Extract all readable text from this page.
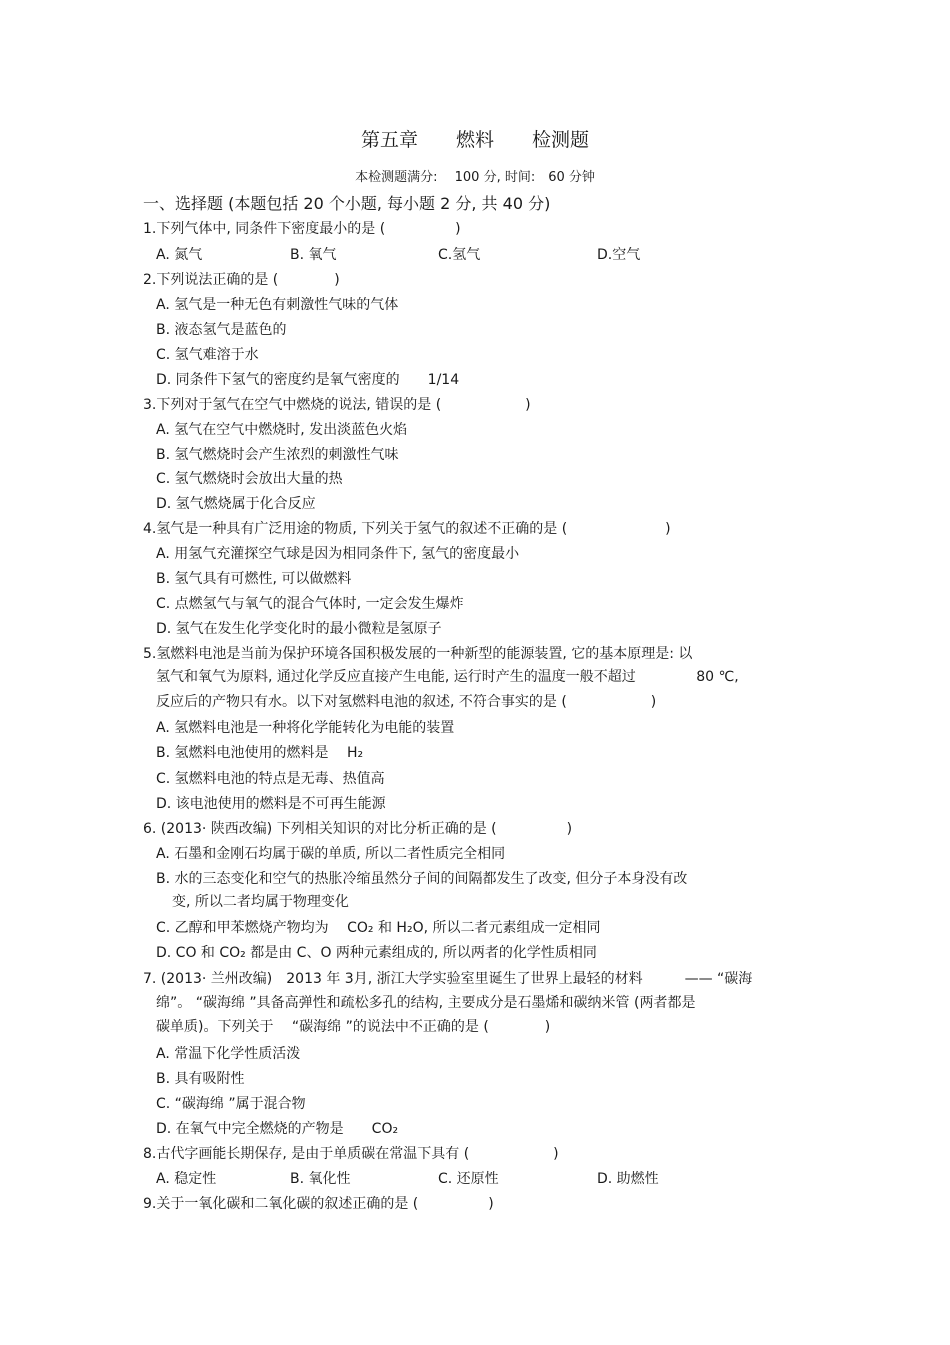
第五章　　燃料　　检测题
本检测题满分:　 100 分, 时间:　60 分钟
一、选择题 (本题包括 20 个小题, 每小题 2 分, 共 40 分)
1.下列气体中, 同条件下密度最小的是 (　　　　　)
A. 氮气	B. 氧气	C.氢气	D.空气
2.下列说法正确的是 (　　　　)
A. 氢气是一种无色有刺激性气味的气体
B. 液态氢气是蓝色的
C. 氢气难溶于水
D. 同条件下氢气的密度约是氧气密度的　　1/14
3.下列对于氢气在空气中燃烧的说法, 错误的是 (　　　　　　)
A. 氢气在空气中燃烧时, 发出淡蓝色火焰
B. 氢气燃烧时会产生浓烈的刺激性气味
C. 氢气燃烧时会放出大量的热
D. 氢气燃烧属于化合反应
4.氢气是一种具有广泛用途的物质, 下列关于氢气的叙述不正确的是 (　　　　　　　)
A. 用氢气充灌探空气球是因为相同条件下, 氢气的密度最小
B. 氢气具有可燃性, 可以做燃料
C. 点燃氢气与氧气的混合气体时, 一定会发生爆炸
D. 氢气在发生化学变化时的最小微粒是氢原子
5.氢燃料电池是当前为保护环境各国积极发展的一种新型的能源装置, 它的基本原理是: 以
氢气和氧气为原料, 通过化学反应直接产生电能, 运行时产生的温度一般不超过　　　　 80 ℃,
反应后的产物只有水。以下对氢燃料电池的叙述, 不符合事实的是 (　　　　　　)
A. 氢燃料电池是一种将化学能转化为电能的装置
B. 氢燃料电池使用的燃料是　 H₂
C. 氢燃料电池的特点是无毒、热值高
D. 该电池使用的燃料是不可再生能源
6. (2013· 陕西改编) 下列相关知识的对比分析正确的是 (　　　　　)
A. 石墨和金刚石均属于碳的单质, 所以二者性质完全相同
B. 水的三态变化和空气的热胀冷缩虽然分子间的间隔都发生了改变, 但分子本身没有改
变, 所以二者均属于物理变化
C. 乙醇和甲苯燃烧产物均为　 CO₂ 和 H₂O, 所以二者元素组成一定相同
D. CO 和 CO₂ 都是由 C、O 两种元素组成的, 所以两者的化学性质相同
7. (2013· 兰州改编)　2013 年 3月, 浙江大学实验室里诞生了世界上最轻的材料　　　—— “碳海
绵”。 “碳海绵 ”具备高弹性和疏松多孔的结构, 主要成分是石墨烯和碳纳米管 (两者都是
碳单质)。下列关于　 “碳海绵 ”的说法中不正确的是 (　　　　)
A. 常温下化学性质活泼
B. 具有吸附性
C. “碳海绵 ”属于混合物
D. 在氧气中完全燃烧的产物是　　CO₂
8.古代字画能长期保存, 是由于单质碳在常温下具有 (　　　　　　)
A. 稳定性	B. 氧化性	C. 还原性	D. 助燃性
9.关于一氧化碳和二氧化碳的叙述正确的是 (　　　　　)
